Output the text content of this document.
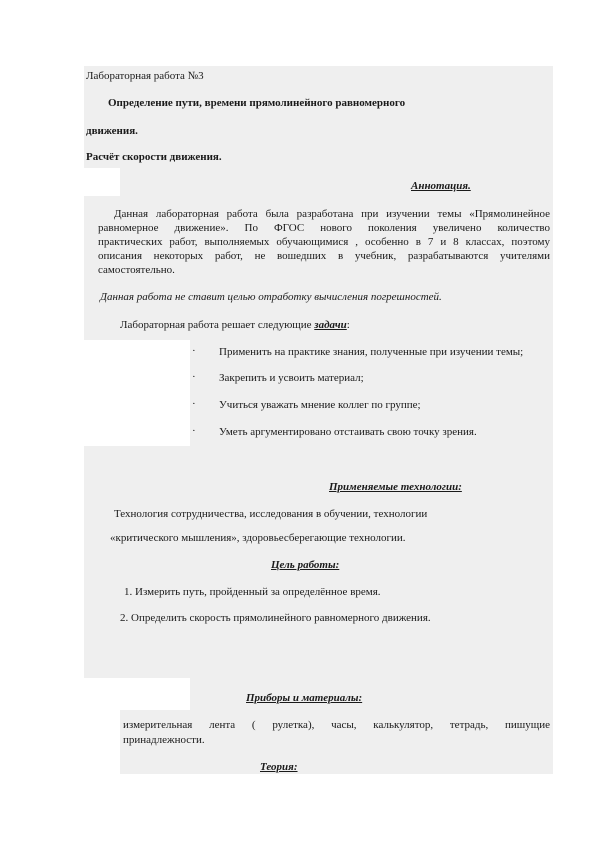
Лабораторная работа №3
Определение пути, времени прямолинейного равномерного
движения.
Расчёт скорости движения.
Аннотация.
Данная лабораторная работа была разработана при изучении темы «Прямолинейное
равномерное движение». По ФГОС нового поколения увеличено количество
практических работ, выполняемых обучающимися , особенно в 7 и 8 классах, поэтому
описания некоторых работ, не вошедших в учебник, разрабатываются учителями
самостоятельно.
Данная работа не ставит целью отработку вычисления погрешностей.
Лабораторная работа решает следующие задачи:
· Применить на практике знания, полученные при изучении темы;
· Закрепить и усвоить материал;
· Учиться уважать мнение коллег по группе;
· Уметь аргументировано отстаивать свою точку зрения.
Применяемые технологии:
Технология сотрудничества, исследования в обучении, технологии
«критического мышления», здоровьесберегающие технологии.
Цель работы:
1. Измерить путь, пройденный за определённое время.
2. Определить скорость прямолинейного равномерного движения.
Приборы и материалы:
измерительная лента ( рулетка), часы, калькулятор, тетрадь, пишущие
принадлежности.
Теория:
